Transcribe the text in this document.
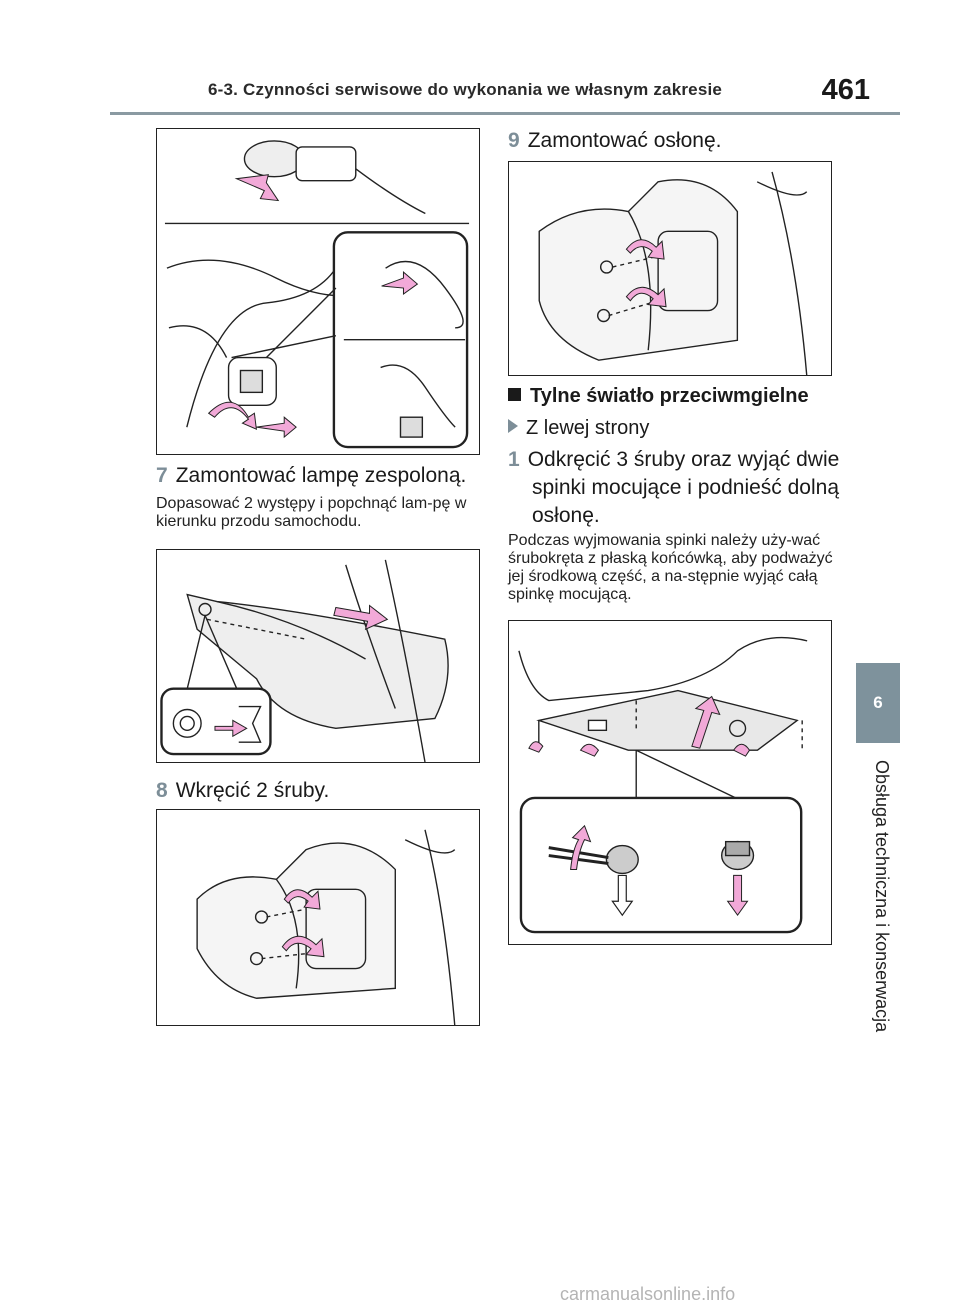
6-3. Czynności serwisowe do wykonania we własnym zakresie	461
6
Obsługa techniczna i konserwacja
7 Zamontować lampę zespoloną.
Dopasować 2 występy i popchnąć lam-pę w kierunku przodu samochodu.
8 Wkręcić 2 śruby.
9 Zamontować osłonę.
Tylne światło przeciwmgielne
Z lewej strony
1 Odkręcić 3 śruby oraz wyjąć dwie spinki mocujące i podnieść dolną osłonę.
Podczas wyjmowania spinki należy uży-wać śrubokręta z płaską końcówką, aby podważyć jej środkową część, a na-stępnie wyjąć całą spinkę mocującą.
carmanualsonline.info
